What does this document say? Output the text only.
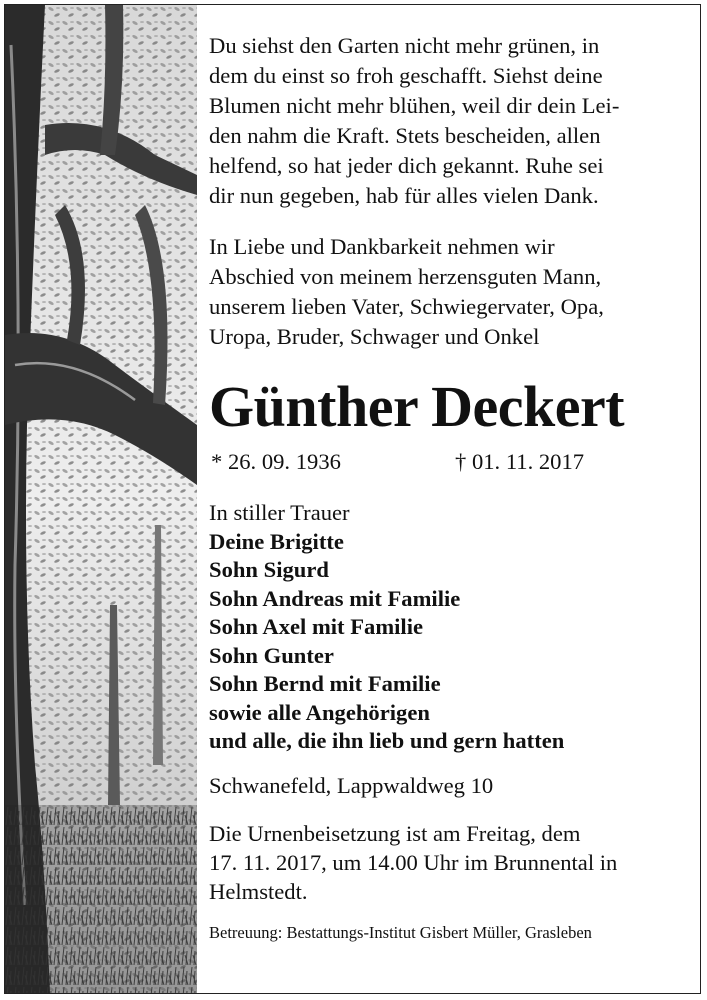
Du siehst den Garten nicht mehr grünen, in
dem du einst so froh geschafft. Siehst deine
Blumen nicht mehr blühen, weil dir dein Lei-
den nahm die Kraft. Stets bescheiden, allen
helfend, so hat jeder dich gekannt. Ruhe sei
dir nun gegeben, hab für alles vielen Dank.
In Liebe und Dankbarkeit nehmen wir
Abschied von meinem herzensguten Mann,
unserem lieben Vater, Schwiegervater, Opa,
Uropa, Bruder, Schwager und Onkel
Günther Deckert
* 26. 09. 1936	† 01. 11. 2017
In stiller Trauer
Deine Brigitte
Sohn Sigurd
Sohn Andreas mit Familie
Sohn Axel mit Familie
Sohn Gunter
Sohn Bernd mit Familie
sowie alle Angehörigen
und alle, die ihn lieb und gern hatten
Schwanefeld, Lappwaldweg 10
Die Urnenbeisetzung ist am Freitag, dem
17. 11. 2017, um 14.00 Uhr im Brunnental in
Helmstedt.
Betreuung: Bestattungs-Institut Gisbert Müller, Grasleben
